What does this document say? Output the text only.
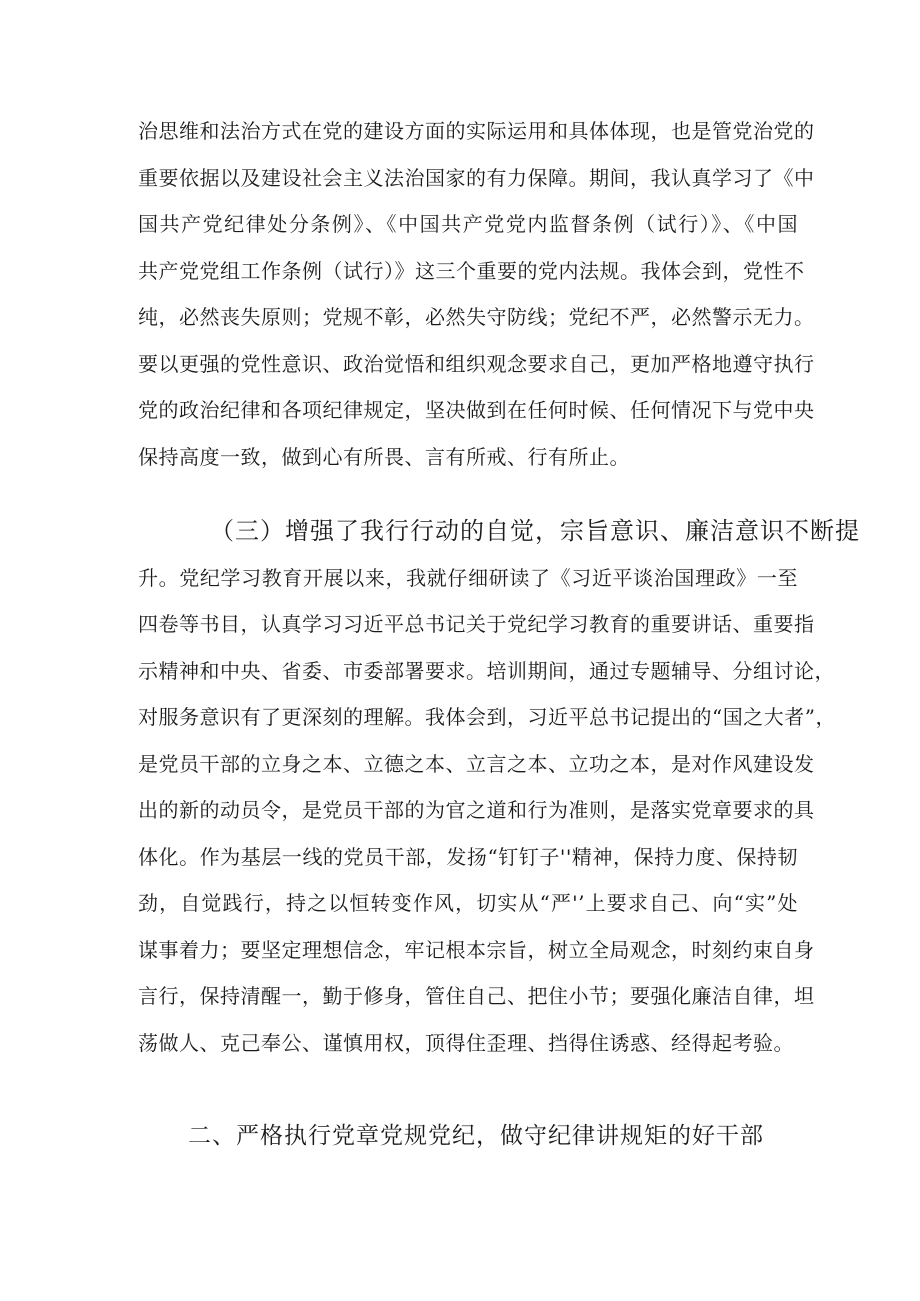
治思维和法治方式在党的建设方面的实际运用和具体体现，也是管党治党的
重要依据以及建设社会主义法治国家的有力保障。期间，我认真学习了《中
国共产党纪律处分条例》、《中国共产党党内监督条例（试行）》、《中国
共产党党组工作条例（试行）》这三个重要的党内法规。我体会到，党性不
纯，必然丧失原则；党规不彰，必然失守防线；党纪不严，必然警示无力。
要以更强的党性意识、政治觉悟和组织观念要求自己，更加严格地遵守执行
党的政治纪律和各项纪律规定，坚决做到在任何时候、任何情况下与党中央
保持高度一致，做到心有所畏、言有所戒、行有所止。
（三）增强了我行行动的自觉，宗旨意识、廉洁意识不断提
升。党纪学习教育开展以来，我就仔细研读了《习近平谈治国理政》一至
四卷等书目，认真学习习近平总书记关于党纪学习教育的重要讲话、重要指
示精神和中央、省委、市委部署要求。培训期间，通过专题辅导、分组讨论，
对服务意识有了更深刻的理解。我体会到，习近平总书记提出的“国之大者”，
是党员干部的立身之本、立德之本、立言之本、立功之本，是对作风建设发
出的新的动员令，是党员干部的为官之道和行为准则，是落实党章要求的具
体化。作为基层一线的党员干部，发扬“钉钉子''精神，保持力度、保持韧
劲，自觉践行，持之以恒转变作风，切实从“严'’上要求自己、向“实”处
谋事着力；要坚定理想信念，牢记根本宗旨，树立全局观念，时刻约束自身
言行，保持清醒一，勤于修身，管住自己、把住小节；要强化廉洁自律，坦
荡做人、克己奉公、谨慎用权，顶得住歪理、挡得住诱惑、经得起考验。
二、严格执行党章党规党纪，做守纪律讲规矩的好干部
